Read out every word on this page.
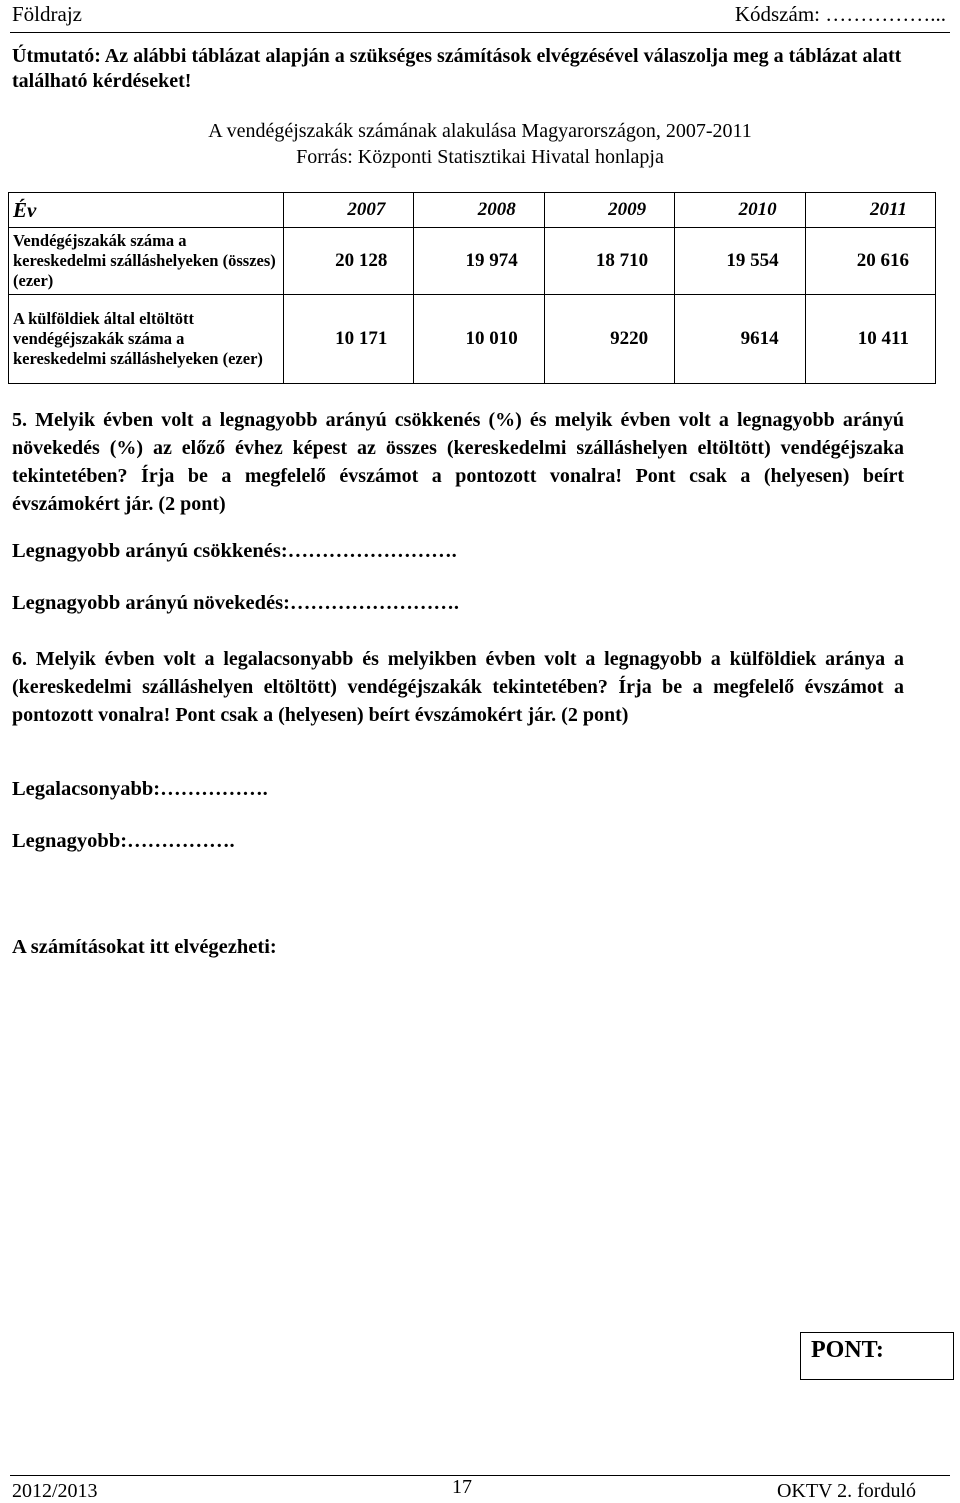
Földrajz	Kódszám: ……………...
Útmutató: Az alábbi táblázat alapján a szükséges számítások elvégzésével válaszolja meg a táblázat alatt található kérdéseket!
A vendégéjszakák számának alakulása Magyarországon, 2007-2011
Forrás: Központi Statisztikai Hivatal honlapja
Év	2007	2008	2009	2010	2011
Vendégéjszakák száma a kereskedelmi szálláshelyeken (összes) (ezer)	20 128	19 974	18 710	19 554	20 616
A külföldiek által eltöltött vendégéjszakák száma a kereskedelmi szálláshelyeken (ezer)	10 171	10 010	9220	9614	10 411
5. Melyik évben volt a legnagyobb arányú csökkenés (%) és melyik évben volt a legnagyobb arányú növekedés (%) az előző évhez képest az összes (kereskedelmi szálláshelyen eltöltött) vendégéjszaka tekintetében? Írja be a megfelelő évszámot a pontozott vonalra! Pont csak a (helyesen) beírt évszámokért jár. (2 pont)
Legnagyobb arányú csökkenés:…………………….
Legnagyobb arányú növekedés:…………………….
6. Melyik évben volt a legalacsonyabb és melyikben évben volt a legnagyobb a külföldiek aránya a (kereskedelmi szálláshelyen eltöltött) vendégéjszakák tekintetében? Írja be a megfelelő évszámot a pontozott vonalra! Pont csak a (helyesen) beírt évszámokért jár. (2 pont)
Legalacsonyabb:…………….
Legnagyobb:…………….
A számításokat itt elvégezheti:
PONT:
2012/2013	17	OKTV 2. forduló
